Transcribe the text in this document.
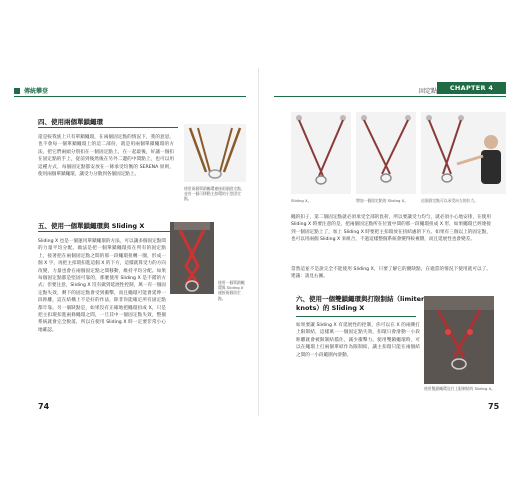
傳統攀登	固定點	CHAPTER 4
四、使用兩個單鎖繩環
還是較我族上只有單鎖繩環，在兩個固定點的情況下，我的意思，也不會每一個單鎖繩環上的這二部份，就是用兩個單鎖繩環的方法，把它們兩頭分別扣在一個固定點上，在一起最後，好讓一個扣在固定點的手上，從前到後然後在另外二邊的中間點上，也可以用這種方式，每個固定點都安放在一條承受均衡的 SERENA 原則，使用兩個單鎖繩環，讓受力分散到各個固定點上。
使用兩個單鎖繩環連接兩個固定點，並有一個可移動主扣環的小型固定點。
五、使用一個單鎖繩環與 Sliding X
使用一個單鎖繩環與 Sliding X 連接兩個固定點。
Sliding X 也是一個運用單鎖繩環的方法，可以讓多個固定點間的力量平均分配。做法是把一個單鎖繩環扣在所有的固定點上，接著把在兩個固定點之間的那一段繩環扭轉一圈，形成一個 X 字，再把主扣環扣進這個 X 的下方，這樣就算受力的方向改變，力量也會在兩個固定點之間移動，維持平均分配。如果每個固定點都是堅固可靠的，那麼使用 Sliding X 是不錯的方式；但要注意，Sliding X 沒有做到延展性控制，萬一有一個固定點失效，剩下的固定點會受到衝擊，而且繩環可能會延伸一段距離，這在結構上不是好的作法，除非你能確定所有固定點都牢靠。另一個缺點是，如果沒有正確地把繩環扭成 X，只是把主扣環扣進兩條繩環之間，一旦其中一個固定點失效，整個系統就會完全脫落，所以在使用 Sliding X 時一定要非常小心地確認。
74
Sliding X。	增加一個固定點的 Sliding X。	這個固定點可以承受向左的拉力。
繩的扣子，第二個固定點就必須承受全部的負荷，所以要讓受力均勻，就必須小心地安排，在使用 Sliding X 時要注意的是，把兩個固定點所在位置中間的那一段繩環扭成 X 形，如果繩環已經連接到一個固定點上了，加上 Sliding X 時要把主扣環放在扭結處的下方。如果有三個以上的固定點，也可以用兩個 Sliding X 來組合，不過這樣整個系統會變得較複雜，而且延展性也會變差。
當然這並不是說完全不能使用 Sliding X，只要了解它的優缺點，在適當的情況下使用就可以了。建議：請見右圖。
六、使用一個雙鎖繩環與打限制結（limiter knots）的 Sliding X
如果要讓 Sliding X 有延展性的控制，你可以在 X 的兩側打上限制結，這樣萬一一個固定點失效，扣環只會滑動一小段距離就會被限制結擋住，減少衝擊力。使用雙鎖繩環時，可以在繩環上打兩個單結作為限制結，讓主扣環只能在兩個結之間的一小段範圍內滑動。
使用雙鎖繩環及打上限制結的 Sliding X。
75
